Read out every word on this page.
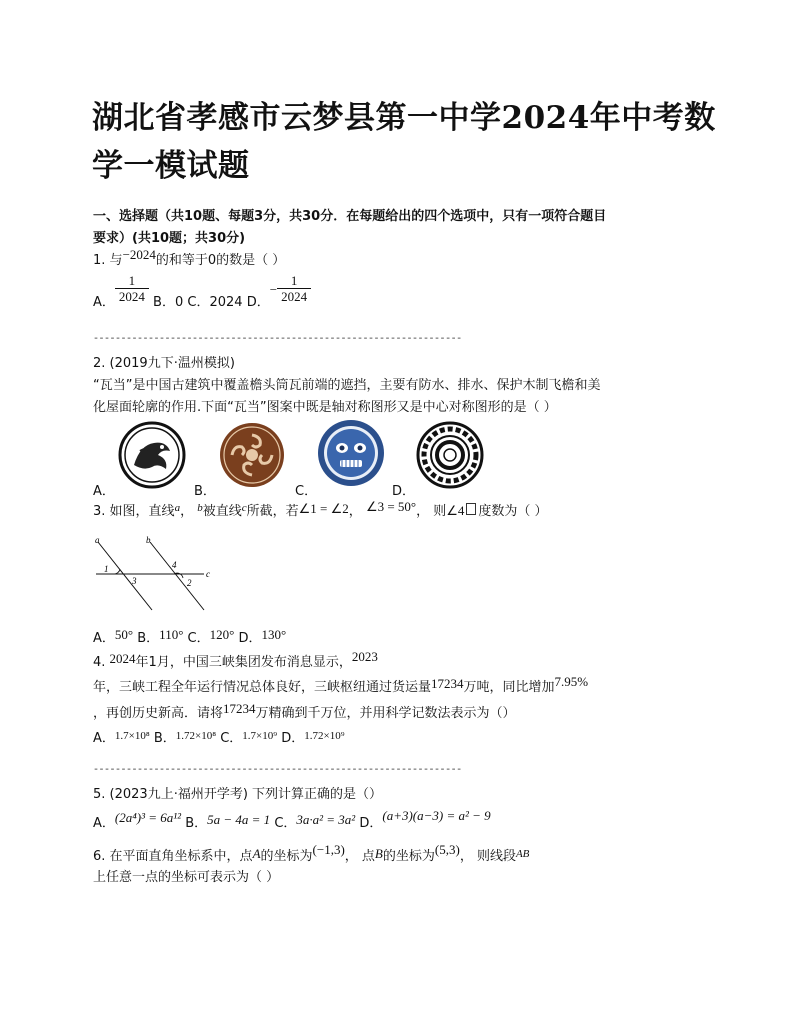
湖北省孝感市云梦县第一中学2024年中考数
学一模试题
一、选择题（共10题、每题3分，共30分．在每题给出的四个选项中，只有一项符合题目
要求）(共10题；共30分)
1. 与−2024的和等于0的数是（ ）
A． $\frac{1}{2024}$ B．0 C．2024 D．− $\frac{1}{2024}$
-------------------------------------------------------------------
2. (2019九下·温州模拟)
“瓦当”是中国古建筑中覆盖檐头筒瓦前端的遮挡，主要有防水、排水、保护木制飞檐和美
化屋面轮廓的作用.下面“瓦当”图案中既是轴对称图形又是中心对称图形的是（ ）
A．	B．	C．	D．
3. 如图，直线$^a$， $^b$被直线$^c$所截，若∠1 = ∠2， ∠3 = 50°， 则∠4 度数为（ ）
a	b
c
1
3
4
2
A．50° B．110° C．120° D．130°
4. 2024年1月，中国三峡集团发布消息显示，2023
年，三峡工程全年运行情况总体良好，三峡枢纽通过货运量17234万吨，同比增加7.95%
，再创历史新高．请将17234万精确到千万位，并用科学记数法表示为（）
A．$^{1.7\times 10^8}$ B．$^{1.72\times 10^8}$ C．$^{1.7\times 10^9}$ D．$^{1.72\times 10^9}$
-------------------------------------------------------------------
5. (2023九上·福州开学考) 下列计算正确的是（）
A．(2a⁴)³ = 6a¹² B．5a − 4a = 1 C．3a·a² = 3a² D．(a+3)(a−3) = a² − 9
6. 在平面直角坐标系中，点A的坐标为(−1,3)， 点B的坐标为(5,3)， 则线段$^{AB}$
上任意一点的坐标可表示为（ ）
